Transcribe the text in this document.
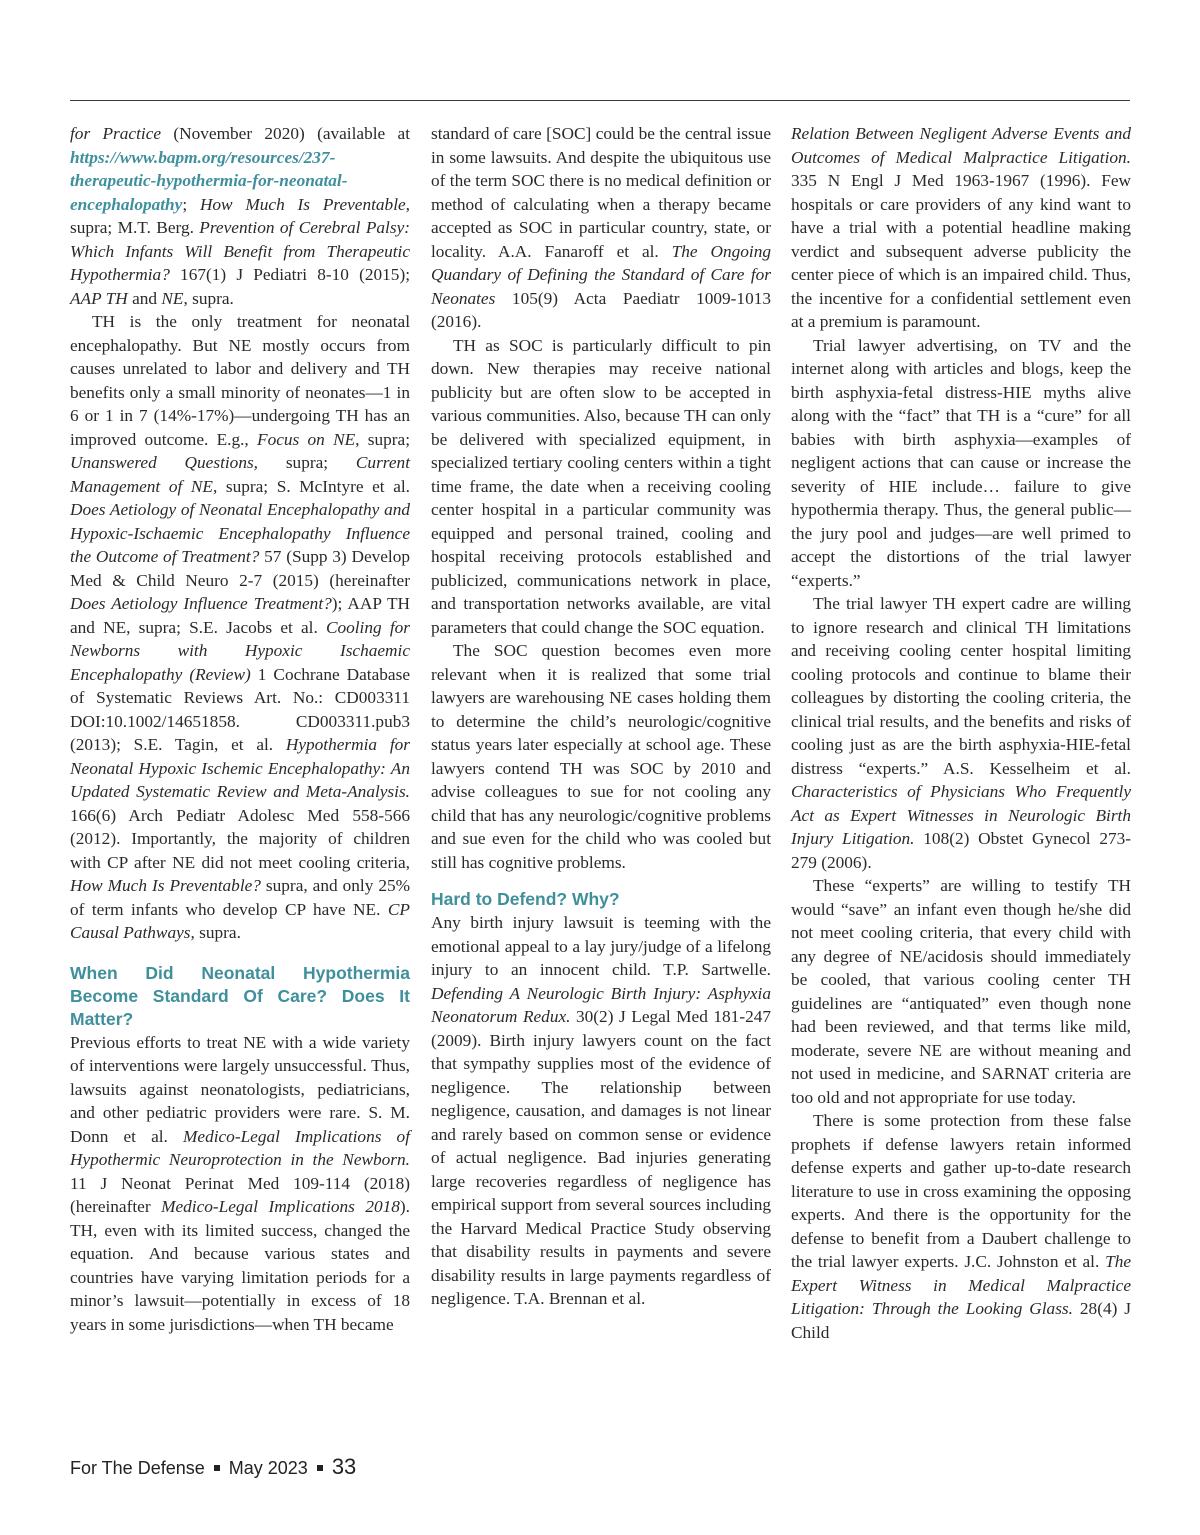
for Practice (November 2020) (available at https://www.bapm.org/resources/237-therapeutic-hypothermia-for-neonatal-encephalopathy; How Much Is Preventable, supra; M.T. Berg. Prevention of Cerebral Palsy: Which Infants Will Benefit from Therapeutic Hypothermia? 167(1) J Pediatri 8-10 (2015); AAP TH and NE, supra.

TH is the only treatment for neonatal encephalopathy. But NE mostly occurs from causes unrelated to labor and delivery and TH benefits only a small minority of neonates—1 in 6 or 1 in 7 (14%-17%)—undergoing TH has an improved outcome. E.g., Focus on NE, supra; Unanswered Questions, supra; Current Management of NE, supra; S. McIntyre et al. Does Aetiology of Neonatal Encephalopathy and Hypoxic-Ischaemic Encephalopathy Influence the Outcome of Treatment? 57 (Supp 3) Develop Med & Child Neuro 2-7 (2015) (hereinafter Does Aetiology Influence Treatment?); AAP TH and NE, supra; S.E. Jacobs et al. Cooling for Newborns with Hypoxic Ischaemic Encephalopathy (Review) 1 Cochrane Database of Systematic Reviews Art. No.: CD003311 DOI:10.1002/14651858. CD003311.pub3 (2013); S.E. Tagin, et al. Hypothermia for Neonatal Hypoxic Ischemic Encephalopathy: An Updated Systematic Review and Meta-Analysis. 166(6) Arch Pediatr Adolesc Med 558-566 (2012). Importantly, the majority of children with CP after NE did not meet cooling criteria, How Much Is Preventable? supra, and only 25% of term infants who develop CP have NE. CP Causal Pathways, supra.

When Did Neonatal Hypothermia Become Standard Of Care? Does It Matter?

Previous efforts to treat NE with a wide variety of interventions were largely unsuccessful. Thus, lawsuits against neonatologists, pediatricians, and other pediatric providers were rare. S. M. Donn et al. Medico-Legal Implications of Hypothermic Neuroprotection in the Newborn. 11 J Neonat Perinat Med 109-114 (2018) (hereinafter Medico-Legal Implications 2018). TH, even with its limited success, changed the equation. And because various states and countries have varying limitation periods for a minor’s lawsuit—potentially in excess of 18 years in some jurisdictions—when TH became

standard of care [SOC] could be the central issue in some lawsuits. And despite the ubiquitous use of the term SOC there is no medical definition or method of calculating when a therapy became accepted as SOC in particular country, state, or locality. A.A. Fanaroff et al. The Ongoing Quandary of Defining the Standard of Care for Neonates 105(9) Acta Paediatr 1009-1013 (2016).

TH as SOC is particularly difficult to pin down. New therapies may receive national publicity but are often slow to be accepted in various communities. Also, because TH can only be delivered with specialized equipment, in specialized tertiary cooling centers within a tight time frame, the date when a receiving cooling center hospital in a particular community was equipped and personal trained, cooling and hospital receiving protocols established and publicized, communications network in place, and transportation networks available, are vital parameters that could change the SOC equation.

The SOC question becomes even more relevant when it is realized that some trial lawyers are warehousing NE cases holding them to determine the child’s neurologic/cognitive status years later especially at school age. These lawyers contend TH was SOC by 2010 and advise colleagues to sue for not cooling any child that has any neurologic/cognitive problems and sue even for the child who was cooled but still has cognitive problems.

Hard to Defend? Why?

Any birth injury lawsuit is teeming with the emotional appeal to a lay jury/judge of a lifelong injury to an innocent child. T.P. Sartwelle. Defending A Neurologic Birth Injury: Asphyxia Neonatorum Redux. 30(2) J Legal Med 181-247 (2009). Birth injury lawyers count on the fact that sympathy supplies most of the evidence of negligence. The relationship between negligence, causation, and damages is not linear and rarely based on common sense or evidence of actual negligence. Bad injuries generating large recoveries regardless of negligence has empirical support from several sources including the Harvard Medical Practice Study observing that disability results in payments and severe disability results in large payments regardless of negligence. T.A. Brennan et al.

Relation Between Negligent Adverse Events and Outcomes of Medical Malpractice Litigation. 335 N Engl J Med 1963-1967 (1996). Few hospitals or care providers of any kind want to have a trial with a potential headline making verdict and subsequent adverse publicity the center piece of which is an impaired child. Thus, the incentive for a confidential settlement even at a premium is paramount.

Trial lawyer advertising, on TV and the internet along with articles and blogs, keep the birth asphyxia-fetal distress-HIE myths alive along with the “fact” that TH is a “cure” for all babies with birth asphyxia—examples of negligent actions that can cause or increase the severity of HIE include… failure to give hypothermia therapy. Thus, the general public—the jury pool and judges—are well primed to accept the distortions of the trial lawyer “experts.”

The trial lawyer TH expert cadre are willing to ignore research and clinical TH limitations and receiving cooling center hospital limiting cooling protocols and continue to blame their colleagues by distorting the cooling criteria, the clinical trial results, and the benefits and risks of cooling just as are the birth asphyxia-HIE-fetal distress “experts.” A.S. Kesselheim et al. Characteristics of Physicians Who Frequently Act as Expert Witnesses in Neurologic Birth Injury Litigation. 108(2) Obstet Gynecol 273-279 (2006).

These “experts” are willing to testify TH would “save” an infant even though he/she did not meet cooling criteria, that every child with any degree of NE/acidosis should immediately be cooled, that various cooling center TH guidelines are “antiquated” even though none had been reviewed, and that terms like mild, moderate, severe NE are without meaning and not used in medicine, and SARNAT criteria are too old and not appropriate for use today.

There is some protection from these false prophets if defense lawyers retain informed defense experts and gather up-to-date research literature to use in cross examining the opposing experts. And there is the opportunity for the defense to benefit from a Daubert challenge to the trial lawyer experts. J.C. Johnston et al. The Expert Witness in Medical Malpractice Litigation: Through the Looking Glass. 28(4) J Child

For The Defense May 2023 33
